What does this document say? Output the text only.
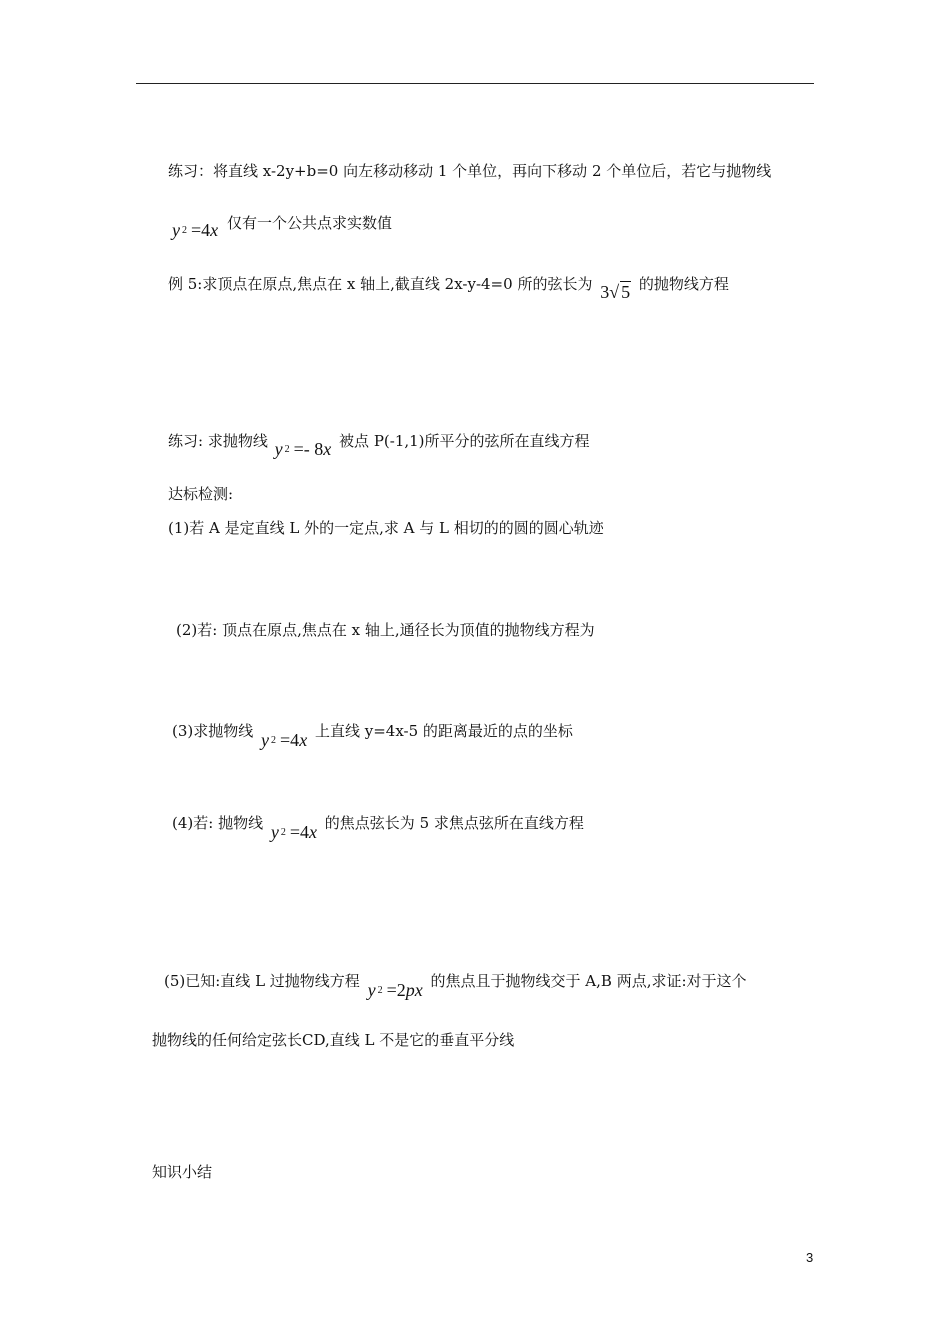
练习：将直线 x-2y+b=0 向左移动移动 1 个单位，再向下移动 2 个单位后，若它与抛物线
y $^2$ =4x 仅有一个公共点求实数值
例 5:求顶点在原点,焦点在 x 轴上,截直线 2x-y-4=0 所的弦长为 3√ 5 的抛物线方程
练习: 求抛物线 y $^2$ =- 8x 被点 P(-1,1)所平分的弦所在直线方程
达标检测:
(1)若 A 是定直线 L 外的一定点,求 A 与 L 相切的的圆的圆心轨迹
(2)若: 顶点在原点,焦点在 x 轴上,通径长为顶值的抛物线方程为
(3)求抛物线 y $^2$ =4x 上直线 y=4x-5 的距离最近的点的坐标
(4)若: 抛物线 y $^2$ =4x 的焦点弦长为 5 求焦点弦所在直线方程
(5)已知:直线 L 过抛物线方程 y $^2$ =2px 的焦点且于抛物线交于 A,B 两点,求证:对于这个
抛物线的任何给定弦长CD,直线 L 不是它的垂直平分线
知识小结
3
